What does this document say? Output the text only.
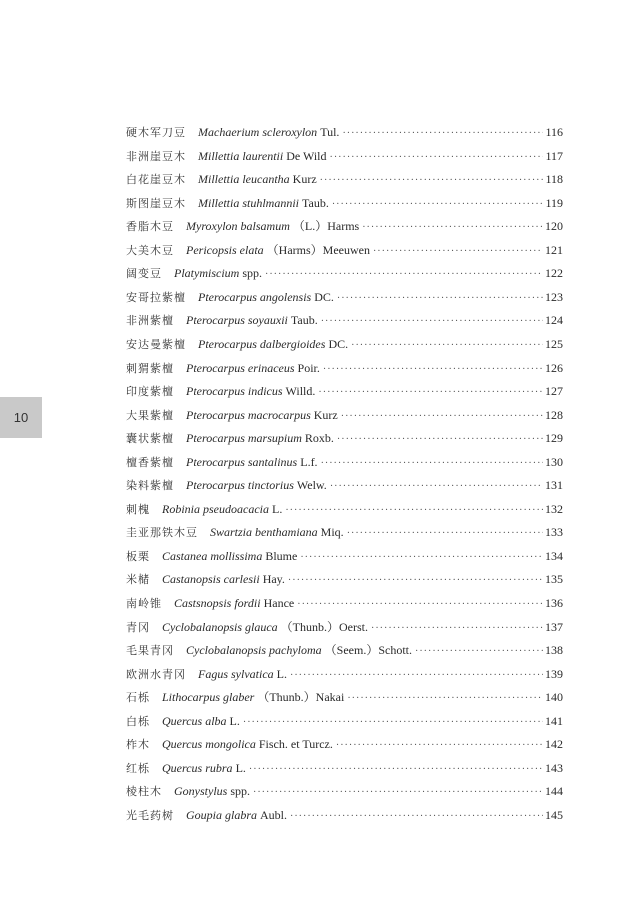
10
硬木军刀豆 Machaerium scleroxylon Tul. ·····	116
非洲崖豆木 Millettia laurentii De Wild ·····	117
白花崖豆木 Millettia leucantha Kurz ·····	118
斯图崖豆木 Millettia stuhlmannii Taub. ·····	119
香脂木豆 Myroxylon balsamum （L.）Harms ·····	120
大美木豆 Pericopsis elata （Harms）Meeuwen ·····	121
阔变豆 Platymiscium spp. ·····	122
安哥拉紫檀 Pterocarpus angolensis DC. ·····	123
非洲紫檀 Pterocarpus soyauxii Taub. ·····	124
安达曼紫檀 Pterocarpus dalbergioides DC. ·····	125
刺猬紫檀 Pterocarpus erinaceus Poir. ·····	126
印度紫檀 Pterocarpus indicus Willd. ·····	127
大果紫檀 Pterocarpus macrocarpus Kurz ·····	128
囊状紫檀 Pterocarpus marsupium Roxb. ·····	129
檀香紫檀 Pterocarpus santalinus L.f. ·····	130
染料紫檀 Pterocarpus tinctorius Welw. ·····	131
刺槐 Robinia pseudoacacia L. ·····	132
圭亚那铁木豆 Swartzia benthamiana Miq. ·····	133
板栗 Castanea mollissima Blume ·····	134
米槠 Castanopsis carlesii Hay. ·····	135
南岭锥 Castsnopsis fordii Hance ·····	136
青冈 Cyclobalanopsis glauca （Thunb.）Oerst. ·····	137
毛果青冈 Cyclobalanopsis pachyloma （Seem.）Schott. ·····	138
欧洲水青冈 Fagus sylvatica L. ·····	139
石栎 Lithocarpus glaber （Thunb.）Nakai ·····	140
白栎 Quercus alba L. ·····	141
柞木 Quercus mongolica Fisch. et Turcz. ·····	142
红栎 Quercus rubra L. ·····	143
棱柱木 Gonystylus spp. ·····	144
光毛药树 Goupia glabra Aubl. ·····	145
